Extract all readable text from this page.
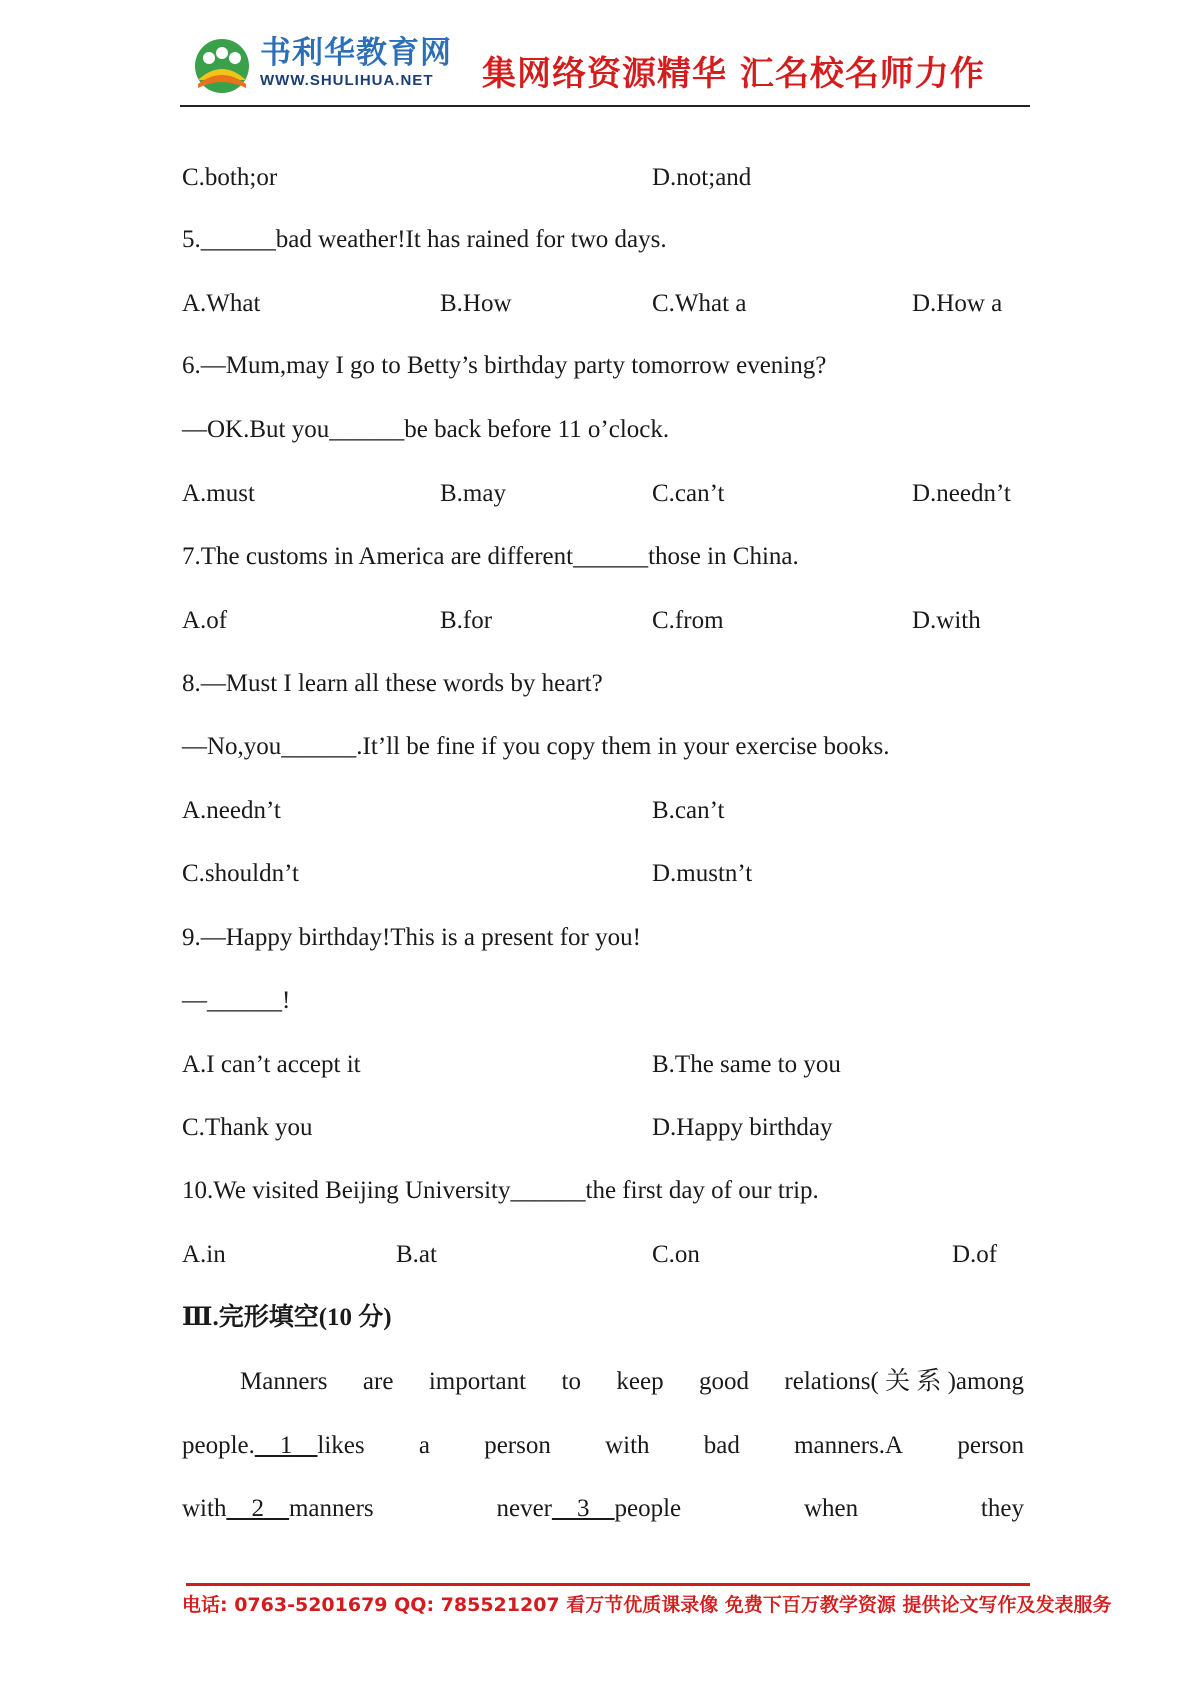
书利华教育网
WWW.SHULIHUA.NET	集网络资源精华 汇名校名师力作
C.both;or	D.not;and
5.______bad weather!It has rained for two days.
A.What	B.How	C.What a	D.How a
6.—Mum,may I go to Betty’s birthday party tomorrow evening?
—OK.But you______be back before 11 o’clock.
A.must	B.may	C.can’t	D.needn’t
7.The customs in America are different______those in China.
A.of	B.for	C.from	D.with
8.—Must I learn all these words by heart?
—No,you______.It’ll be fine if you copy them in your exercise books.
A.needn’t	B.can’t
C.shouldn’t	D.mustn’t
9.—Happy birthday!This is a present for you!
—______!
A.I can’t accept it	B.The same to you
C.Thank you	D.Happy birthday
10.We visited Beijing University______the first day of our trip.
A.in	B.at	C.on	D.of
Ⅲ.完形填空(10 分)
Manners are important to keep good relations( 关 系 )among
people.__1__likes a person with bad manners.A person
with__2__manners	never__3__people	when	they
电话: 0763-5201679 QQ: 785521207 看万节优质课录像 免费下百万教学资源 提供论文写作及发表服务
